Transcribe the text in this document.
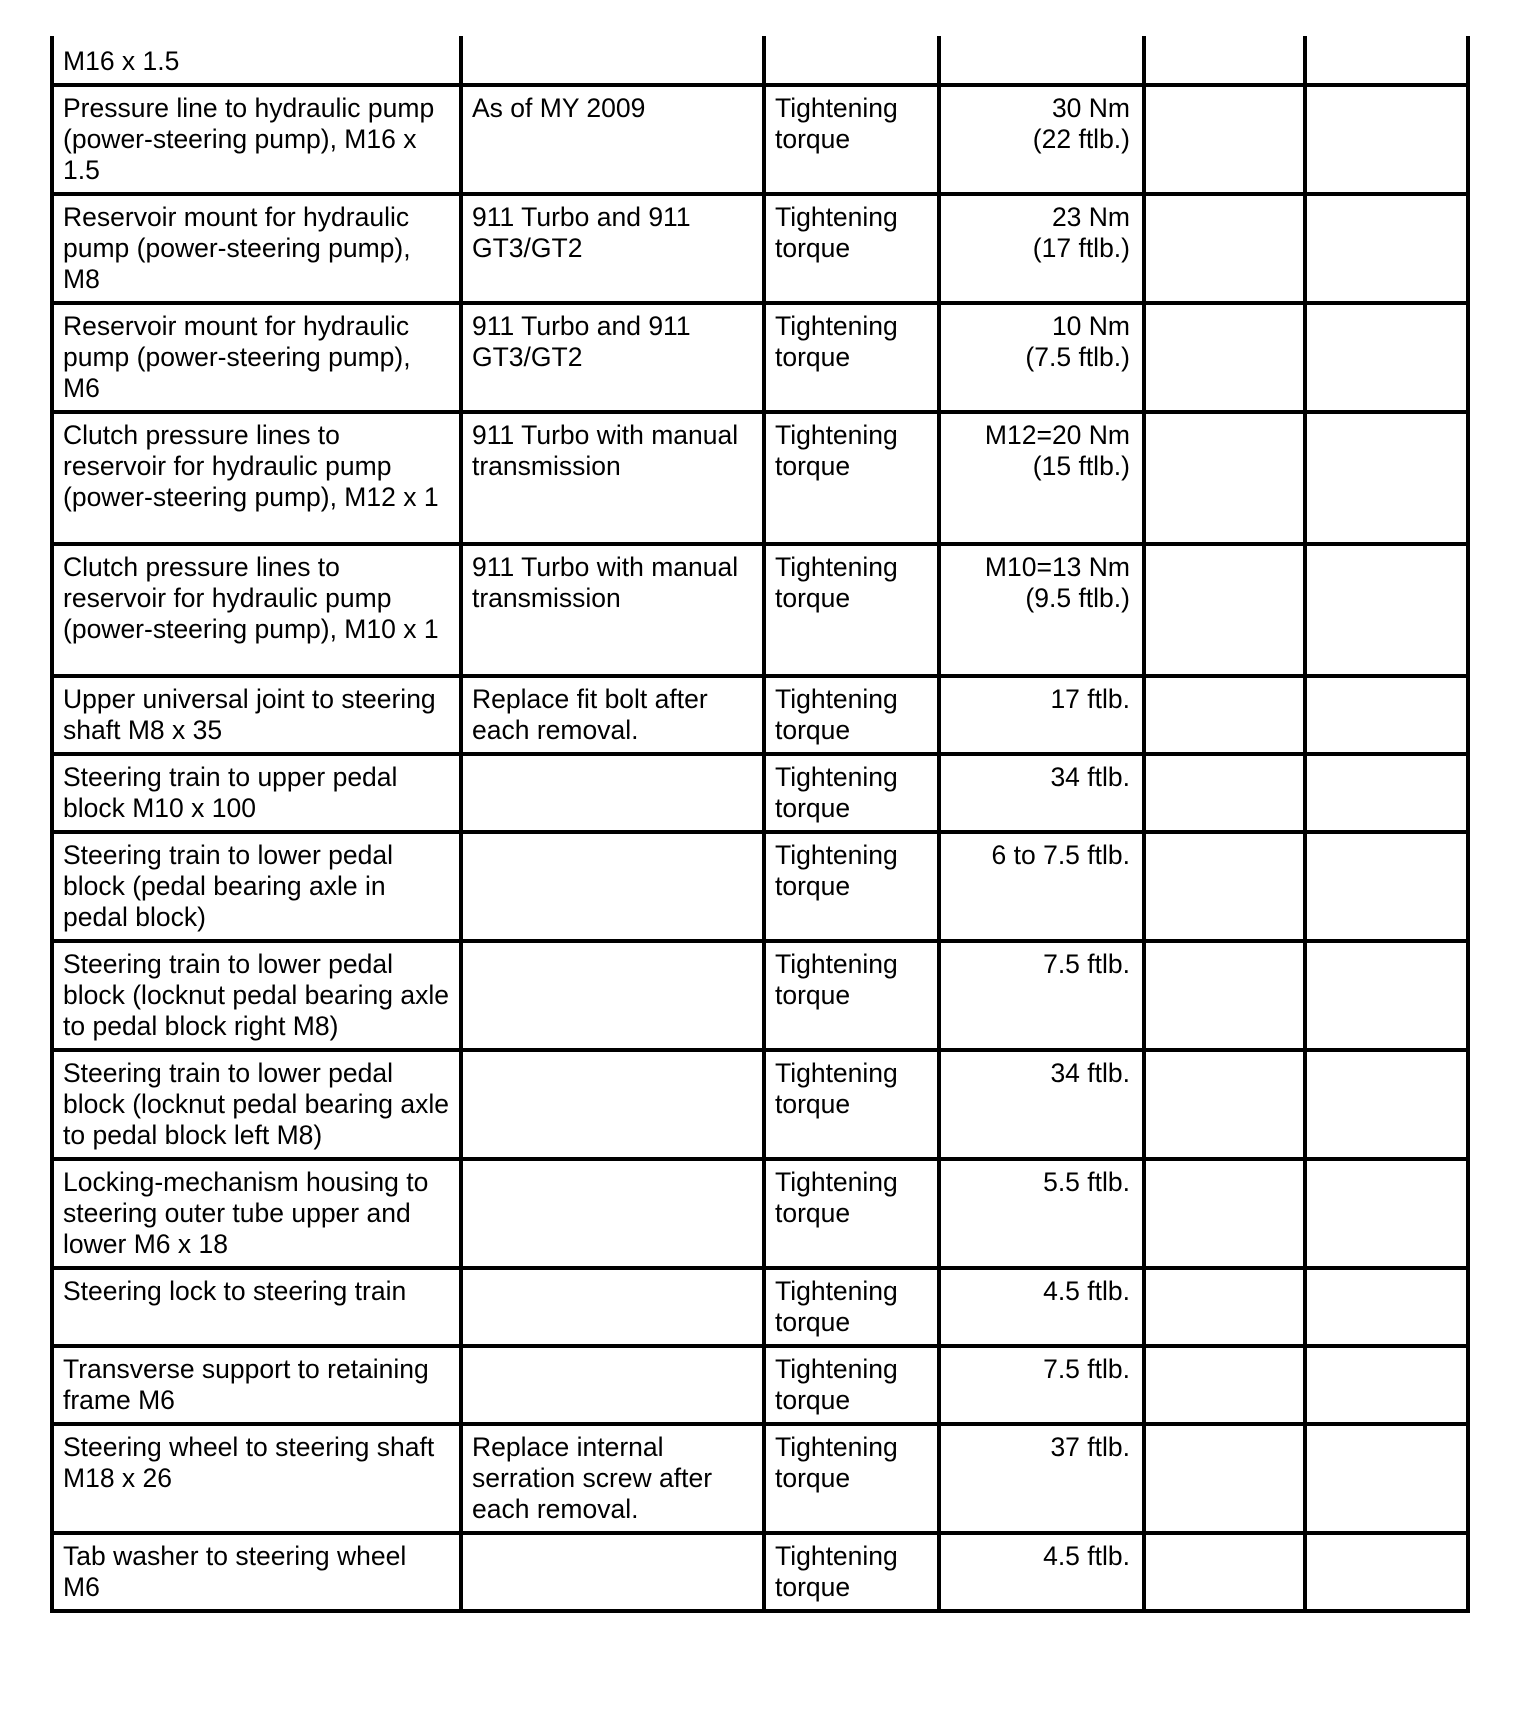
M16 x 1.5					
Pressure line to hydraulic pump (power-steering pump), M16 x 1.5	As of MY 2009	Tightening torque	30 Nm
(22 ftlb.)		

Reservoir mount for hydraulic pump (power-steering pump), M8	911 Turbo and 911 GT3/GT2	Tightening torque	23 Nm
(17 ftlb.)		

Reservoir mount for hydraulic pump (power-steering pump), M6	911 Turbo and 911 GT3/GT2	Tightening torque	10 Nm
(7.5 ftlb.)		

Clutch pressure lines to reservoir for hydraulic pump (power-steering pump), M12 x 1	911 Turbo with manual transmission	Tightening torque	M12=20 Nm
(15 ftlb.)		

Clutch pressure lines to reservoir for hydraulic pump (power-steering pump), M10 x 1	911 Turbo with manual transmission	Tightening torque	M10=13 Nm
(9.5 ftlb.)		

Upper universal joint to steering shaft M8 x 35	Replace fit bolt after each removal.	Tightening torque	17 ftlb.		

Steering train to upper pedal block M10 x 100		Tightening torque	34 ftlb.		

Steering train to lower pedal block (pedal bearing axle in pedal block)		Tightening torque	6 to 7.5 ftlb.		

Steering train to lower pedal block (locknut pedal bearing axle to pedal block right M8)		Tightening torque	7.5 ftlb.		

Steering train to lower pedal block (locknut pedal bearing axle to pedal block left M8)		Tightening torque	34 ftlb.		

Locking-mechanism housing to steering outer tube upper and lower M6 x 18		Tightening torque	5.5 ftlb.		

Steering lock to steering train		Tightening torque	4.5 ftlb.		

Transverse support to retaining frame M6		Tightening torque	7.5 ftlb.		

Steering wheel to steering shaft M18 x 26	Replace internal serration screw after each removal.	Tightening torque	37 ftlb.		

Tab washer to steering wheel M6		Tightening torque	4.5 ftlb.		
